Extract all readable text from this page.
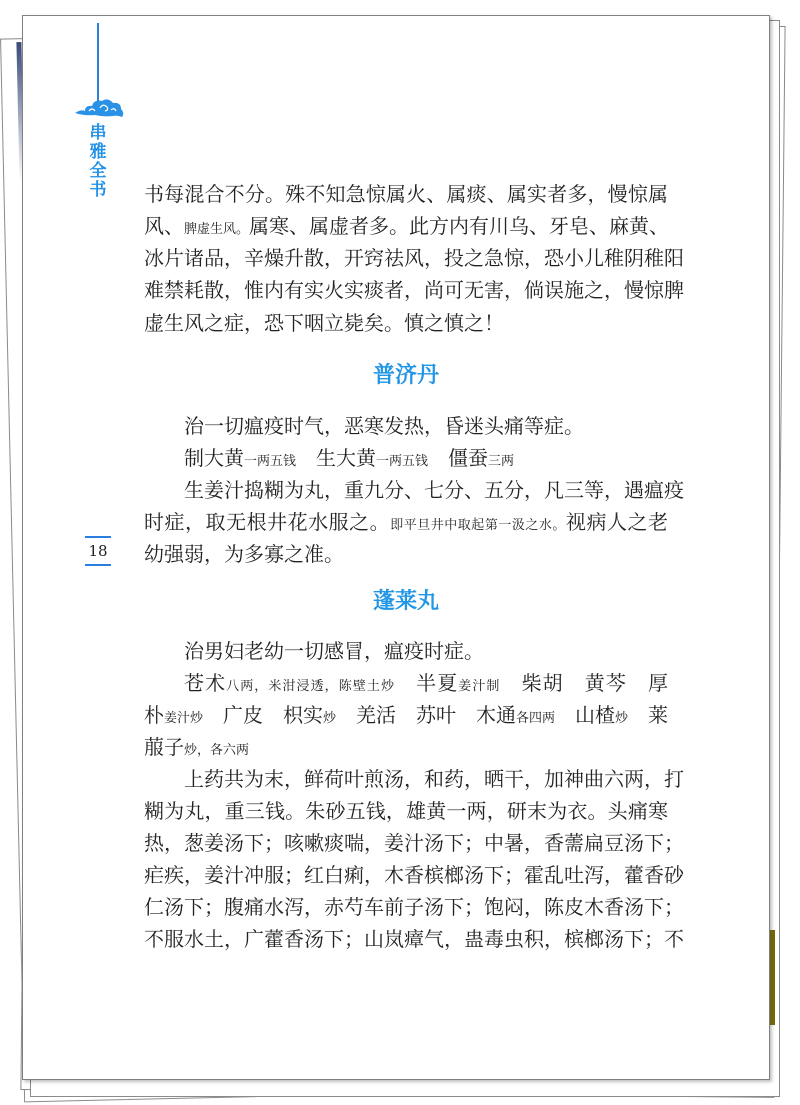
串雅全书
18
书每混合不分。殊不知急惊属火、属痰、属实者多，慢惊属
风、脾虚生风。属寒、属虚者多。此方内有川乌、牙皂、麻黄、
冰片诸品，辛燥升散，开窍祛风，投之急惊，恐小儿稚阴稚阳
难禁耗散，惟内有实火实痰者，尚可无害，倘误施之，慢惊脾
虚生风之症，恐下咽立毙矣。慎之慎之！
普济丹
治一切瘟疫时气，恶寒发热，昏迷头痛等症。
制大黄一两五钱　生大黄一两五钱　僵蚕三两
生姜汁捣糊为丸，重九分、七分、五分，凡三等，遇瘟疫
时症，取无根井花水服之。即平旦井中取起第一汲之水。视病人之老
幼强弱，为多寡之准。
蓬莱丸
治男妇老幼一切感冒，瘟疫时症。
苍术八两，米泔浸透，陈壁土炒　半夏姜汁制　柴胡　黄芩　厚
朴姜汁炒　广皮　枳实炒　羌活　苏叶　木通各四两　山楂炒　莱
菔子炒，各六两
上药共为末，鲜荷叶煎汤，和药，晒干，加神曲六两，打
糊为丸，重三钱。朱砂五钱，雄黄一两，研末为衣。头痛寒
热，葱姜汤下；咳嗽痰喘，姜汁汤下；中暑，香薷扁豆汤下；
疟疾，姜汁冲服；红白痢，木香槟榔汤下；霍乱吐泻，藿香砂
仁汤下；腹痛水泻，赤芍车前子汤下；饱闷，陈皮木香汤下；
不服水土，广藿香汤下；山岚瘴气，蛊毒虫积，槟榔汤下；不
